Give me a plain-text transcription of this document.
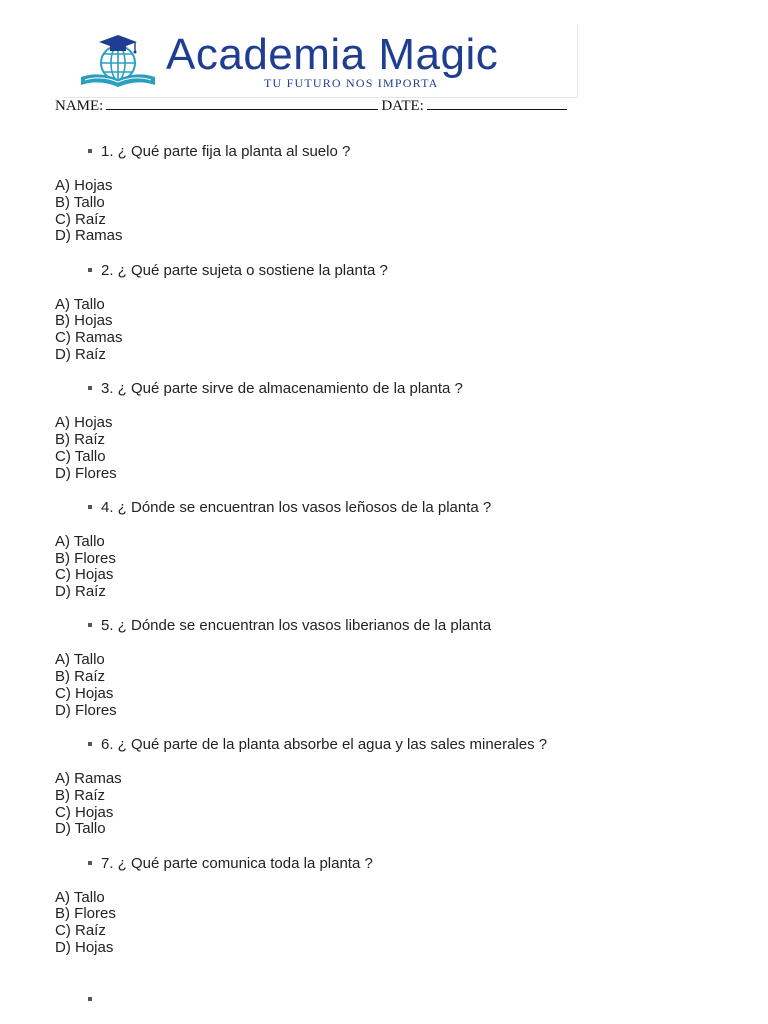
Academia Magic
TU FUTURO NOS IMPORTA
NAME:	DATE:
1. ¿ Qué parte fija la planta al suelo ?
A) Hojas
B) Tallo
C) Raíz
D) Ramas
2. ¿ Qué parte sujeta o sostiene la planta ?
A) Tallo
B) Hojas
C) Ramas
D) Raíz
3. ¿ Qué parte sirve de almacenamiento de la planta ?
A) Hojas
B) Raíz
C) Tallo
D) Flores
4. ¿ Dónde se encuentran los vasos leñosos de la planta ?
A) Tallo
B) Flores
C) Hojas
D) Raíz
5. ¿ Dónde se encuentran los vasos liberianos de la planta
A) Tallo
B) Raíz
C) Hojas
D) Flores
6. ¿ Qué parte de la planta absorbe el agua y las sales minerales ?
A) Ramas
B) Raíz
C) Hojas
D) Tallo
7. ¿ Qué parte comunica toda la planta ?
A) Tallo
B) Flores
C) Raíz
D) Hojas
